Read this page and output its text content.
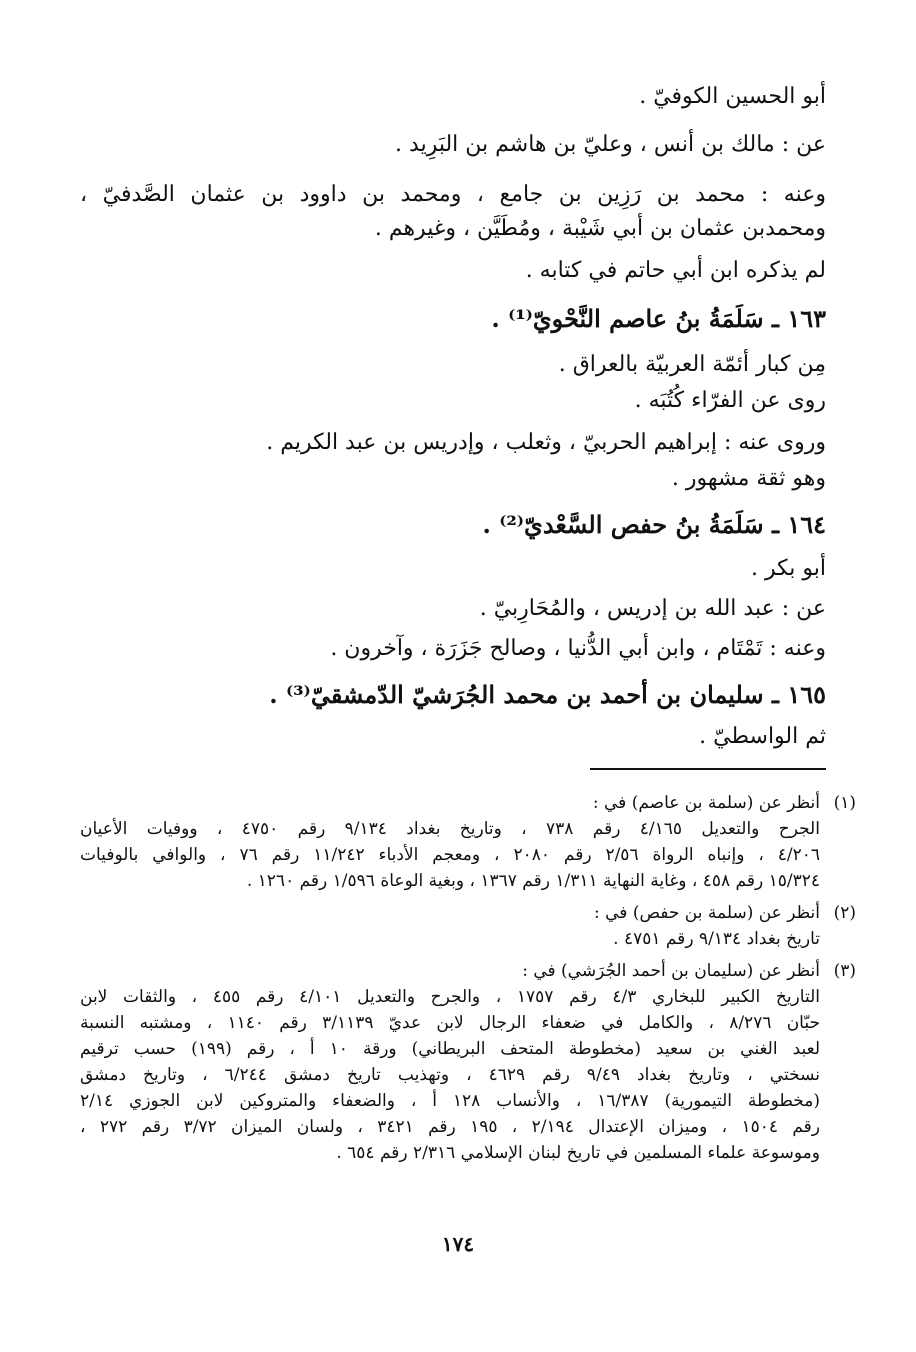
أبو الحسين الكوفيّ .
عن : مالك بن أنس ، وعليّ بن هاشم بن البَرِيد .
وعنه : محمد بن رَزِين بن جامع ، ومحمد بن داوود بن عثمان الصَّدفيّ ،
ومحمدبن عثمان بن أبي شَيْبة ، ومُطَيَّن ، وغيرهم .
لم يذكره ابن أبي حاتم في كتابه .
١٦٣ ـ سَلَمَةُ بنُ عاصم النَّحْويّ⁽¹⁾ .
مِن كبار أئمّة العربيّة بالعراق .
روى عن الفرّاء كُتُبَه .
وروى عنه : إبراهيم الحربيّ ، وثعلب ، وإدريس بن عبد الكريم .
وهو ثقة مشهور .
١٦٤ ـ سَلَمَةُ بنُ حفص السَّعْديّ⁽²⁾ .
أبو بكر .
عن : عبد الله بن إدريس ، والمُحَارِبيّ .
وعنه : تَمْتَام ، وابن أبي الدُّنيا ، وصالح جَزَرَة ، وآخرون .
١٦٥ ـ سليمان بن أحمد بن محمد الجُرَشيّ الدّمشقيّ⁽³⁾ .
ثم الواسطيّ .
(١)
أنظر عن (سلمة بن عاصم) في :
الجرح والتعديل ٤/١٦٥ رقم ٧٣٨ ، وتاريخ بغداد ٩/١٣٤ رقم ٤٧٥٠ ، ووفيات الأعيان
٤/٢٠٦ ، وإنباه الرواة ٢/٥٦ رقم ٢٠٨٠ ، ومعجم الأدباء ١١/٢٤٢ رقم ٧٦ ، والوافي بالوفيات
١٥/٣٢٤ رقم ٤٥٨ ، وغاية النهاية ١/٣١١ رقم ١٣٦٧ ، وبغية الوعاة ١/٥٩٦ رقم ١٢٦٠ .
(٢)
أنظر عن (سلمة بن حفص) في :
تاريخ بغداد ٩/١٣٤ رقم ٤٧٥١ .
(٣)
أنظر عن (سليمان بن أحمد الجُرَشي) في :
التاريخ الكبير للبخاري ٤/٣ رقم ١٧٥٧ ، والجرح والتعديل ٤/١٠١ رقم ٤٥٥ ، والثقات لابن
حبّان ٨/٢٧٦ ، والكامل في ضعفاء الرجال لابن عديّ ٣/١١٣٩ رقم ١١٤٠ ، ومشتبه النسبة
لعبد الغني بن سعيد (مخطوطة المتحف البريطاني) ورقة ١٠ أ ، رقم (١٩٩) حسب ترقيم
نسختي ، وتاريخ بغداد ٩/٤٩ رقم ٤٦٢٩ ، وتهذيب تاريخ دمشق ٦/٢٤٤ ، وتاريخ دمشق
(مخطوطة التيمورية) ١٦/٣٨٧ ، والأنساب ١٢٨ أ ، والضعفاء والمتروكين لابن الجوزي ٢/١٤
رقم ١٥٠٤ ، وميزان الإعتدال ٢/١٩٤ ، ١٩٥ رقم ٣٤٢١ ، ولسان الميزان ٣/٧٢ رقم ٢٧٢ ،
وموسوعة علماء المسلمين في تاريخ لبنان الإسلامي ٢/٣١٦ رقم ٦٥٤ .
١٧٤
